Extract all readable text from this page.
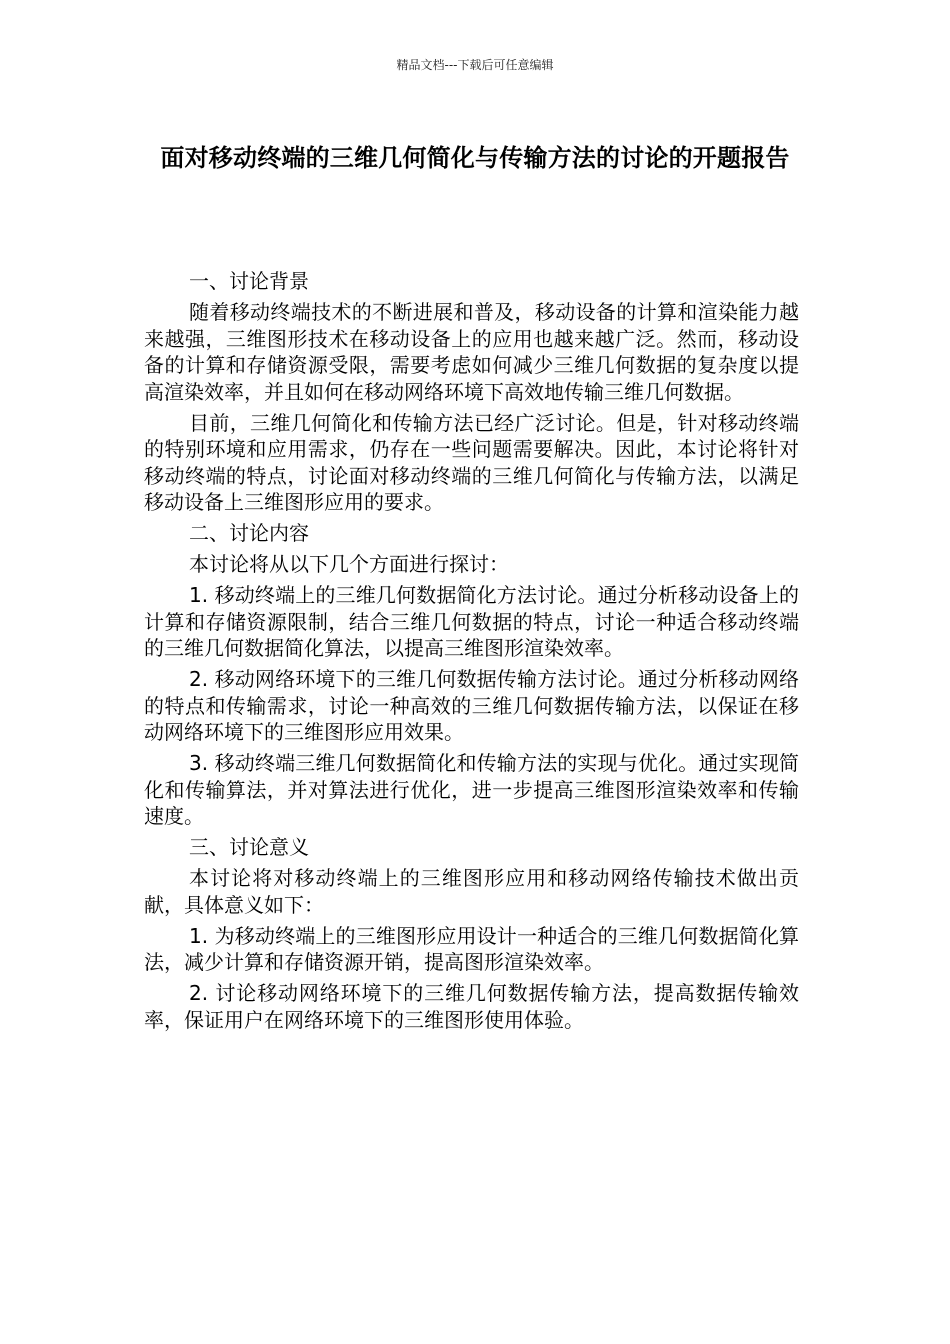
精品文档---下载后可任意编辑
面对移动终端的三维几何简化与传输方法的讨论的开题报告

一、讨论背景

随着移动终端技术的不断进展和普及，移动设备的计算和渲染能力越来越强，三维图形技术在移动设备上的应用也越来越广泛。然而，移动设备的计算和存储资源受限，需要考虑如何减少三维几何数据的复杂度以提高渲染效率，并且如何在移动网络环境下高效地传输三维几何数据。

目前，三维几何简化和传输方法已经广泛讨论。但是，针对移动终端的特别环境和应用需求，仍存在一些问题需要解决。因此，本讨论将针对移动终端的特点，讨论面对移动终端的三维几何简化与传输方法，以满足移动设备上三维图形应用的要求。

二、讨论内容

本讨论将从以下几个方面进行探讨：

1. 移动终端上的三维几何数据简化方法讨论。通过分析移动设备上的计算和存储资源限制，结合三维几何数据的特点，讨论一种适合移动终端的三维几何数据简化算法，以提高三维图形渲染效率。

2. 移动网络环境下的三维几何数据传输方法讨论。通过分析移动网络的特点和传输需求，讨论一种高效的三维几何数据传输方法，以保证在移动网络环境下的三维图形应用效果。

3. 移动终端三维几何数据简化和传输方法的实现与优化。通过实现简化和传输算法，并对算法进行优化，进一步提高三维图形渲染效率和传输速度。

三、讨论意义

本讨论将对移动终端上的三维图形应用和移动网络传输技术做出贡献，具体意义如下：

1. 为移动终端上的三维图形应用设计一种适合的三维几何数据简化算法，减少计算和存储资源开销，提高图形渲染效率。

2. 讨论移动网络环境下的三维几何数据传输方法，提高数据传输效率，保证用户在网络环境下的三维图形使用体验。
